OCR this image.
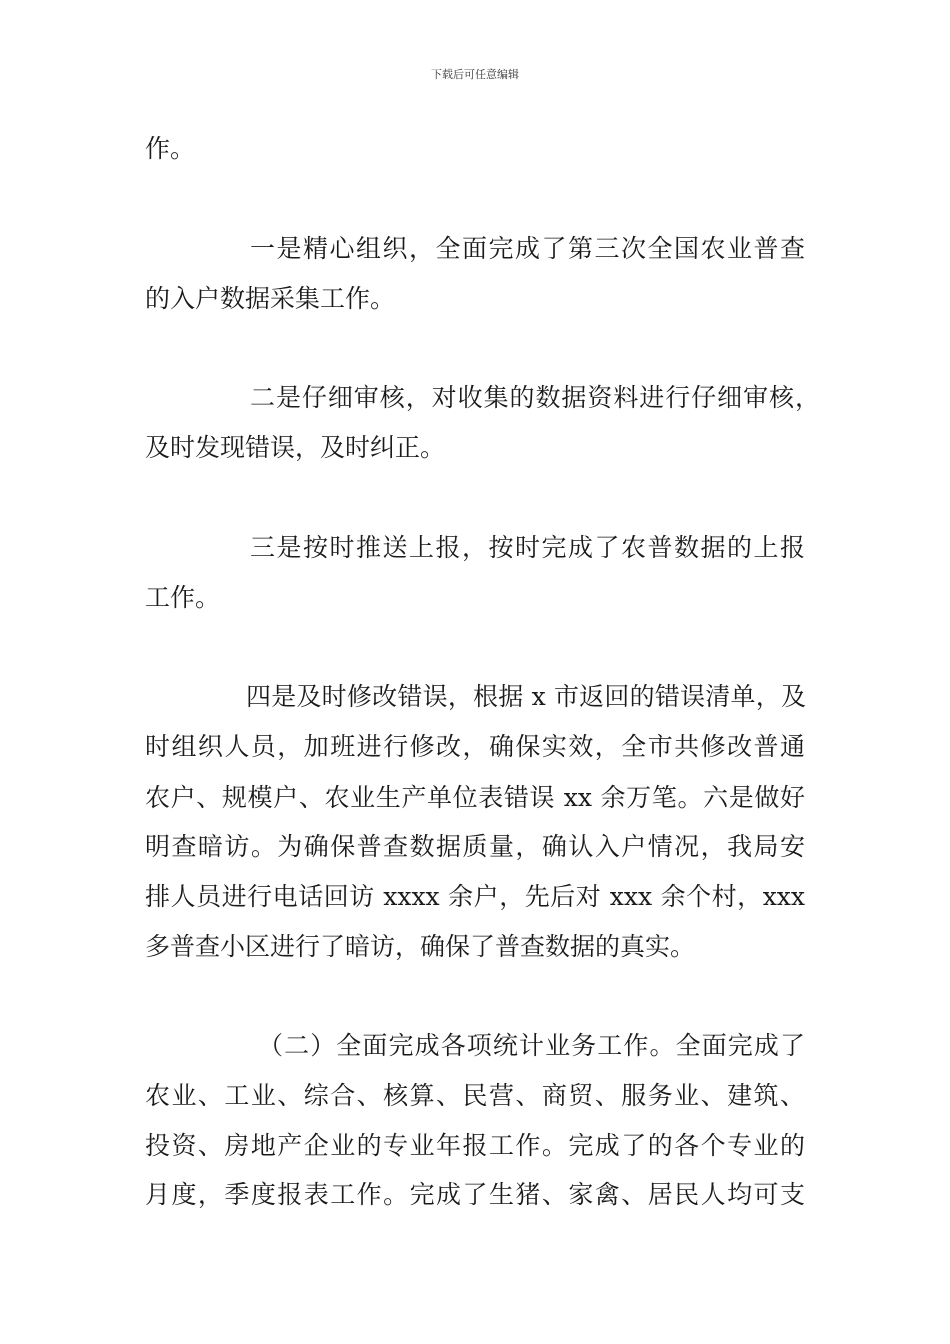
下载后可任意编辑
作。
一是精心组织，全面完成了第三次全国农业普查
的入户数据采集工作。
二是仔细审核，对收集的数据资料进行仔细审核，
及时发现错误，及时纠正。
三是按时推送上报，按时完成了农普数据的上报
工作。
四是及时修改错误，根据 x 市返回的错误清单，及
时组织人员，加班进行修改，确保实效，全市共修改普通
农户、规模户、农业生产单位表错误 xx 余万笔。六是做好
明查暗访。为确保普查数据质量，确认入户情况，我局安
排人员进行电话回访 xxxx 余户，先后对 xxx 余个村，xxx
多普查小区进行了暗访，确保了普查数据的真实。
（二）全面完成各项统计业务工作。全面完成了
农业、工业、综合、核算、民营、商贸、服务业、建筑、
投资、房地产企业的专业年报工作。完成了的各个专业的
月度，季度报表工作。完成了生猪、家禽、居民人均可支
